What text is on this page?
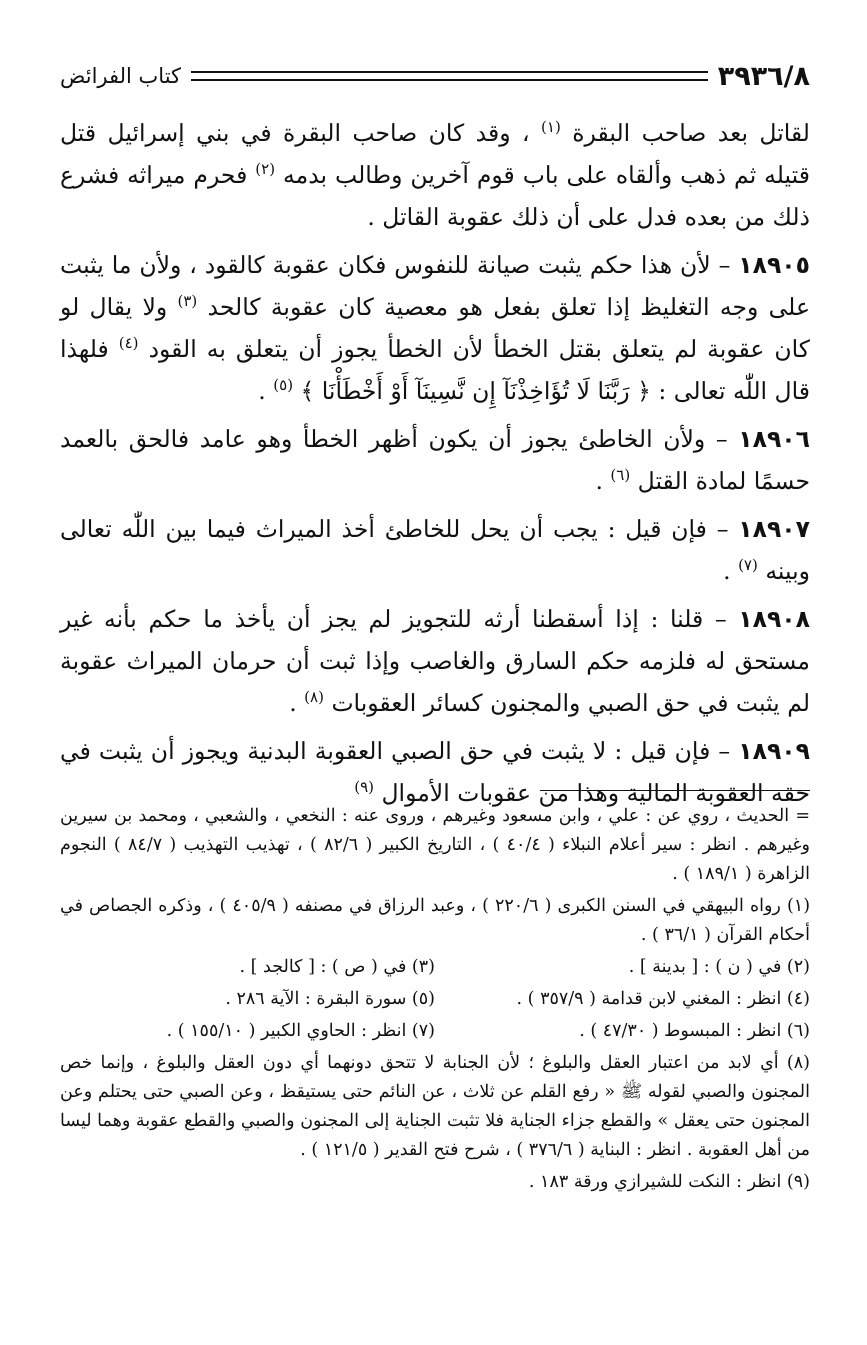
٣٩٣٦/٨
كتاب الفرائض

لقاتل بعد صاحب البقرة $^{(١)}$ ، وقد كان صاحب البقرة في بني إسرائيل قتل قتيله ثم ذهب وألقاه على باب قوم آخرين وطالب بدمه $^{(٢)}$ فحرم ميراثه فشرع ذلك من بعده فدل على أن ذلك عقوبة القاتل .

١٨٩٠٥ – لأن هذا حكم يثبت صيانة للنفوس فكان عقوبة كالقود ، ولأن ما يثبت على وجه التغليظ إذا تعلق بفعل هو معصية كان عقوبة كالحد $^{(٣)}$ ولا يقال لو كان عقوبة لم يتعلق بقتل الخطأ لأن الخطأ يجوز أن يتعلق به القود $^{(٤)}$ فلهذا قال اللّٰه تعالى : ﴿ رَبَّنَا لَا تُؤَاخِذْنَآ إِن نَّسِينَآ أَوْ أَخْطَأْنَا ﴾ $^{(٥)}$ .

١٨٩٠٦ – ولأن الخاطئ يجوز أن يكون أظهر الخطأ وهو عامد فالحق بالعمد حسمًا لمادة القتل $^{(٦)}$ .

١٨٩٠٧ – فإن قيل : يجب أن يحل للخاطئ أخذ الميراث فيما بين اللّٰه تعالى وبينه $^{(٧)}$ .

١٨٩٠٨ – قلنا : إذا أسقطنا أرثه للتجويز لم يجز أن يأخذ ما حكم بأنه غير مستحق له فلزمه حكم السارق والغاصب وإذا ثبت أن حرمان الميراث عقوبة لم يثبت في حق الصبي والمجنون كسائر العقوبات $^{(٨)}$ .

١٨٩٠٩ – فإن قيل : لا يثبت في حق الصبي العقوبة البدنية ويجوز أن يثبت في حقه العقوبة المالية وهذا من عقوبات الأموال $^{(٩)}$

= الحديث ، روي عن : علي ، وابن مسعود وغيرهم ، وروى عنه : النخعي ، والشعبي ، ومحمد بن سيرين وغيرهم . انظر : سير أعلام النبلاء ( ٤٠/٤ ) ، التاريخ الكبير ( ٨٢/٦ ) ، تهذيب التهذيب ( ٨٤/٧ ) النجوم الزاهرة ( ١٨٩/١ ) .

(١) رواه البيهقي في السنن الكبرى ( ٢٢٠/٦ ) ، وعبد الرزاق في مصنفه ( ٤٠٥/٩ ) ، وذكره الجصاص في أحكام القرآن ( ٣٦/١ ) .

(٢) في ( ن ) : [ بدينة ] .
(٣) في ( ص ) : [ كالجد ] .
(٤) انظر : المغني لابن قدامة ( ٣٥٧/٩ ) .
(٥) سورة البقرة : الآية ٢٨٦ .
(٦) انظر : المبسوط ( ٤٧/٣٠ ) .
(٧) انظر : الحاوي الكبير ( ١٥٥/١٠ ) .

(٨) أي لابد من اعتبار العقل والبلوغ ؛ لأن الجنابة لا تتحق دونهما أي دون العقل والبلوغ ، وإنما خص المجنون والصبي لقوله ﷺ « رفع القلم عن ثلاث ، عن النائم حتى يستيقظ ، وعن الصبي حتى يحتلم وعن المجنون حتى يعقل » والقطع جزاء الجناية فلا تثبت الجناية إلى المجنون والصبي والقطع عقوبة وهما ليسا من أهل العقوبة . انظر : البناية ( ٣٧٦/٦ ) ، شرح فتح القدير ( ١٢١/٥ ) .

(٩) انظر : النكت للشيرازي ورقة ١٨٣ .
